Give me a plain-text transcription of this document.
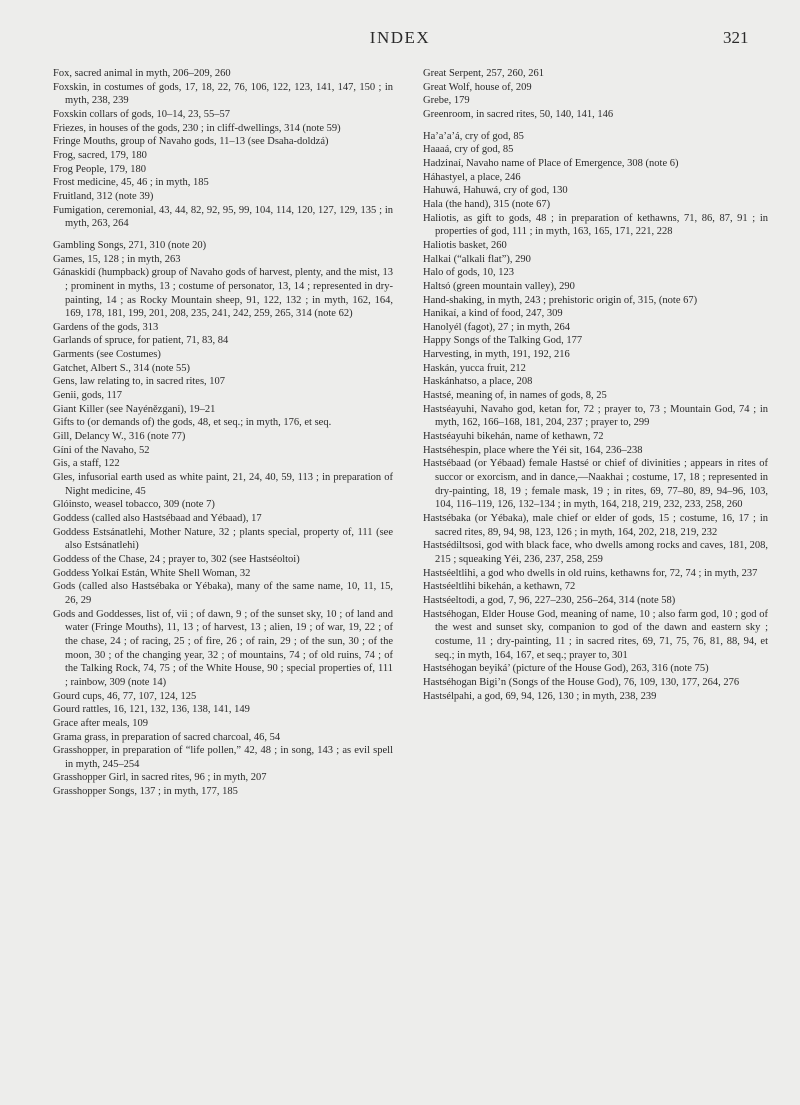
INDEX	321
Fox, sacred animal in myth, 206–209, 260
Foxskin, in costumes of gods, 17, 18, 22, 76, 106, 122, 123, 141, 147, 150 ; in myth, 238, 239
Foxskin collars of gods, 10–14, 23, 55–57
Friezes, in houses of the gods, 230 ; in cliff-dwellings, 314 (note 59)
Fringe Mouths, group of Navaho gods, 11–13 (see Dsaha-doldzá)
Frog, sacred, 179, 180
Frog People, 179, 180
Frost medicine, 45, 46 ; in myth, 185
Fruitland, 312 (note 39)
Fumigation, ceremonial, 43, 44, 82, 92, 95, 99, 104, 114, 120, 127, 129, 135 ; in myth, 263, 264
Gambling Songs, 271, 310 (note 20)
Games, 15, 128 ; in myth, 263
Gánaskidí (humpback) group of Navaho gods of harvest, plenty, and the mist, 13 ; prominent in myths, 13 ; costume of personator, 13, 14 ; represented in dry-painting, 14 ; as Rocky Mountain sheep, 91, 122, 132 ; in myth, 162, 164, 169, 178, 181, 199, 201, 208, 235, 241, 242, 259, 265, 314 (note 62)
Gardens of the gods, 313
Garlands of spruce, for patient, 71, 83, 84
Garments (see Costumes)
Gatchet, Albert S., 314 (note 55)
Gens, law relating to, in sacred rites, 107
Genii, gods, 117
Giant Killer (see Nayénězgani), 19–21
Gifts to (or demands of) the gods, 48, et seq.; in myth, 176, et seq.
Gill, Delancy W., 316 (note 77)
Gíni of the Navaho, 52
Gis, a staff, 122
Gles, infusorial earth used as white paint, 21, 24, 40, 59, 113 ; in preparation of Night medicine, 45
Glóinsto, weasel tobacco, 309 (note 7)
Goddess (called also Hastsébaad and Yébaad), 17
Goddess Estsánatlehi, Mother Nature, 32 ; plants special, property of, 111 (see also Estsánatlehi)
Goddess of the Chase, 24 ; prayer to, 302 (see Hastséoltoi)
Goddess Yolkaí Están, White Shell Woman, 32
Gods (called also Hastsébaka or Yébaka), many of the same name, 10, 11, 15, 26, 29
Gods and Goddesses, list of, vii ; of dawn, 9 ; of the sunset sky, 10 ; of land and water (Fringe Mouths), 11, 13 ; of harvest, 13 ; alien, 19 ; of war, 19, 22 ; of the chase, 24 ; of racing, 25 ; of fire, 26 ; of rain, 29 ; of the sun, 30 ; of the moon, 30 ; of the changing year, 32 ; of mountains, 74 ; of old ruins, 74 ; of the Talking Rock, 74, 75 ; of the White House, 90 ; special properties of, 111 ; rainbow, 309 (note 14)
Gourd cups, 46, 77, 107, 124, 125
Gourd rattles, 16, 121, 132, 136, 138, 141, 149
Grace after meals, 109
Grama grass, in preparation of sacred charcoal, 46, 54
Grasshopper, in preparation of “life pollen,” 42, 48 ; in song, 143 ; as evil spell in myth, 245–254
Grasshopper Girl, in sacred rites, 96 ; in myth, 207
Grasshopper Songs, 137 ; in myth, 177, 185
Great Serpent, 257, 260, 261
Great Wolf, house of, 209
Grebe, 179
Greenroom, in sacred rites, 50, 140, 141, 146
Ha’a’a’á, cry of god, 85
Haaaá, cry of god, 85
Hadzinaí, Navaho name of Place of Emergence, 308 (note 6)
Háhastyel, a place, 246
Hahuwá, Hahuwá, cry of god, 130
Hala (the hand), 315 (note 67)
Haliotis, as gift to gods, 48 ; in preparation of kethawns, 71, 86, 87, 91 ; in properties of god, 111 ; in myth, 163, 165, 171, 221, 228
Haliotis basket, 260
Halkai (“alkali flat”), 290
Halo of gods, 10, 123
Haltsó (green mountain valley), 290
Hand-shaking, in myth, 243 ; prehistoric origin of, 315, (note 67)
Hanikaí, a kind of food, 247, 309
Hanolyél (fagot), 27 ; in myth, 264
Happy Songs of the Talking God, 177
Harvesting, in myth, 191, 192, 216
Haskán, yucca fruit, 212
Haskánhatso, a place, 208
Hastsé, meaning of, in names of gods, 8, 25
Hastséayuhi, Navaho god, ketan for, 72 ; prayer to, 73 ; Mountain God, 74 ; in myth, 162, 166–168, 181, 204, 237 ; prayer to, 299
Hastséayuhi bikehán, name of kethawn, 72
Hastséhespin, place where the Yéi sit, 164, 236–238
Hastsébaad (or Yébaad) female Hastsé or chief of divinities ; appears in rites of succor or exorcism, and in dance,—Naakhai ; costume, 17, 18 ; represented in dry-painting, 18, 19 ; female mask, 19 ; in rites, 69, 77–80, 89, 94–96, 103, 104, 116–119, 126, 132–134 ; in myth, 164, 218, 219, 232, 233, 258, 260
Hastsébaka (or Yébaka), male chief or elder of gods, 15 ; costume, 16, 17 ; in sacred rites, 89, 94, 98, 123, 126 ; in myth, 164, 202, 218, 219, 232
Hastsédiltsosi, god with black face, who dwells among rocks and caves, 181, 208, 215 ; squeaking Yéi, 236, 237, 258, 259
Hastséeltlihi, a god who dwells in old ruins, kethawns for, 72, 74 ; in myth, 237
Hastséeltlihi bikehán, a kethawn, 72
Hastséeltodi, a god, 7, 96, 227–230, 256–264, 314 (note 58)
Hastséhogan, Elder House God, meaning of name, 10 ; also farm god, 10 ; god of the west and sunset sky, companion to god of the dawn and eastern sky ; costume, 11 ; dry-painting, 11 ; in sacred rites, 69, 71, 75, 76, 81, 88, 94, et seq.; in myth, 164, 167, et seq.; prayer to, 301
Hastséhogan beyiká’ (picture of the House God), 263, 316 (note 75)
Hastséhogan Bigi’n (Songs of the House God), 76, 109, 130, 177, 264, 276
Hastsélpahi, a god, 69, 94, 126, 130 ; in myth, 238, 239
